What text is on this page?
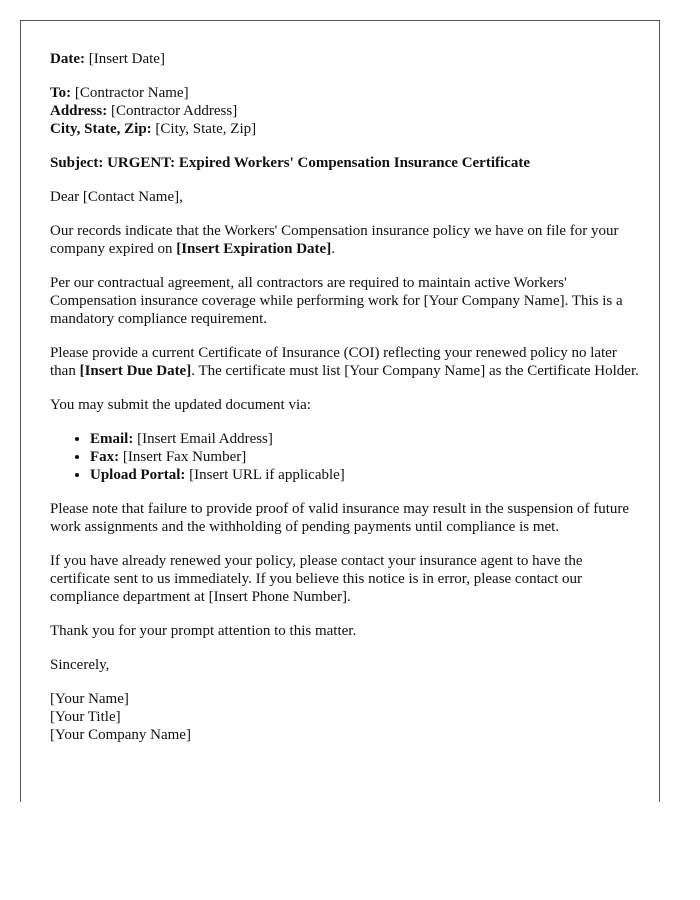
Date: [Insert Date]

To: [Contractor Name]
Address: [Contractor Address]
City, State, Zip: [City, State, Zip]

Subject: URGENT: Expired Workers' Compensation Insurance Certificate

Dear [Contact Name],

Our records indicate that the Workers' Compensation insurance policy we have on file for your company expired on [Insert Expiration Date].

Per our contractual agreement, all contractors are required to maintain active Workers' Compensation insurance coverage while performing work for [Your Company Name]. This is a mandatory compliance requirement.

Please provide a current Certificate of Insurance (COI) reflecting your renewed policy no later than [Insert Due Date]. The certificate must list [Your Company Name] as the Certificate Holder.

You may submit the updated document via:

• Email: [Insert Email Address]
• Fax: [Insert Fax Number]
• Upload Portal: [Insert URL if applicable]

Please note that failure to provide proof of valid insurance may result in the suspension of future work assignments and the withholding of pending payments until compliance is met.

If you have already renewed your policy, please contact your insurance agent to have the certificate sent to us immediately. If you believe this notice is in error, please contact our compliance department at [Insert Phone Number].

Thank you for your prompt attention to this matter.

Sincerely,

[Your Name]
[Your Title]
[Your Company Name]
